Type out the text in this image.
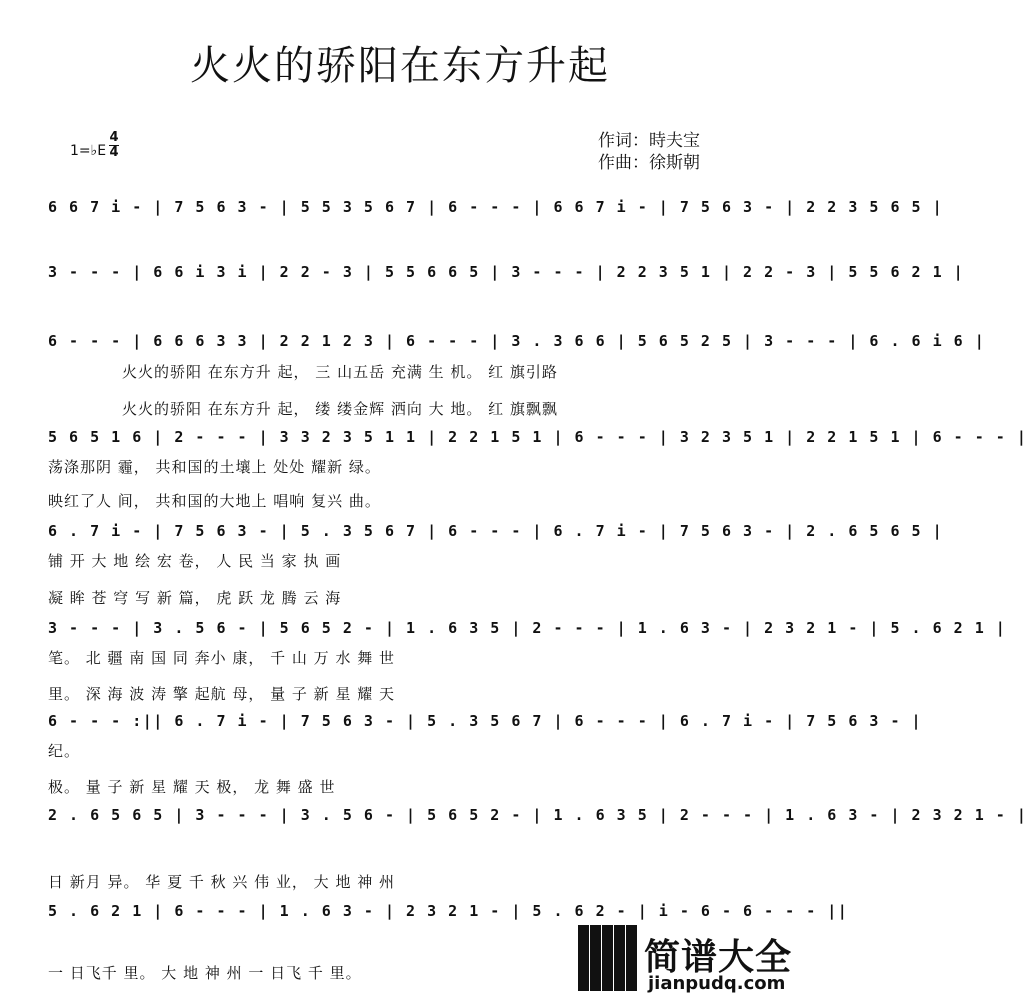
火火的骄阳在东方升起
作词：時夫宝
作曲：徐斯朝
1=♭E
4
4
6 6 7 i - | 7 5 6 3 - | 5 5 3 5 6 7 | 6 - - - | 6 6 7 i - | 7 5 6 3 - | 2 2 3 5 6 5 |
3 - - - | 6 6 i 3 i | 2 2 - 3 | 5 5 6 6 5 | 3 - - - | 2 2 3 5 1 | 2 2 - 3 | 5 5 6 2 1 |
6 - - - | 6 6 6 3 3 | 2 2 1 2 3 | 6 - - - | 3 . 3 6 6 | 5 6 5 2 5 | 3 - - - | 6 . 6 i 6 |
火火的骄阳 在东方升 起， 三 山五岳 充满 生 机。 红 旗引路
火火的骄阳 在东方升 起， 缕 缕金辉 洒向 大 地。 红 旗飘飘
5 6 5 1 6 | 2 - - - | 3 3 2 3 5 1 1 | 2 2 1 5 1 | 6 - - - | 3 2 3 5 1 | 2 2 1 5 1 | 6 - - - |
荡涤那阴 霾， 共和国的土壤上 处处 耀新 绿。
映红了人 间， 共和国的大地上 唱响 复兴 曲。
6 . 7 i - | 7 5 6 3 - | 5 . 3 5 6 7 | 6 - - - | 6 . 7 i - | 7 5 6 3 - | 2 . 6 5 6 5 |
铺 开 大 地 绘 宏 卷， 人 民 当 家 执 画
凝 眸 苍 穹 写 新 篇， 虎 跃 龙 腾 云 海
3 - - - | 3 . 5 6 - | 5 6 5 2 - | 1 . 6 3 5 | 2 - - - | 1 . 6 3 - | 2 3 2 1 - | 5 . 6 2 1 |
笔。 北 疆 南 国 同 奔小 康， 千 山 万 水 舞 世
里。 深 海 波 涛 擎 起航 母， 量 子 新 星 耀 天
6 - - - :|| 6 . 7 i - | 7 5 6 3 - | 5 . 3 5 6 7 | 6 - - - | 6 . 7 i - | 7 5 6 3 - |
纪。
极。 量 子 新 星 耀 天 极， 龙 舞 盛 世
2 . 6 5 6 5 | 3 - - - | 3 . 5 6 - | 5 6 5 2 - | 1 . 6 3 5 | 2 - - - | 1 . 6 3 - | 2 3 2 1 - |
日 新月 异。 华 夏 千 秋 兴 伟 业， 大 地 神 州
5 . 6 2 1 | 6 - - - | 1 . 6 3 - | 2 3 2 1 - | 5 . 6 2 - | i - 6 - 6 - - - ||
一 日飞千 里。 大 地 神 州 一 日飞 千 里。	简谱大全
jianpudq.com
